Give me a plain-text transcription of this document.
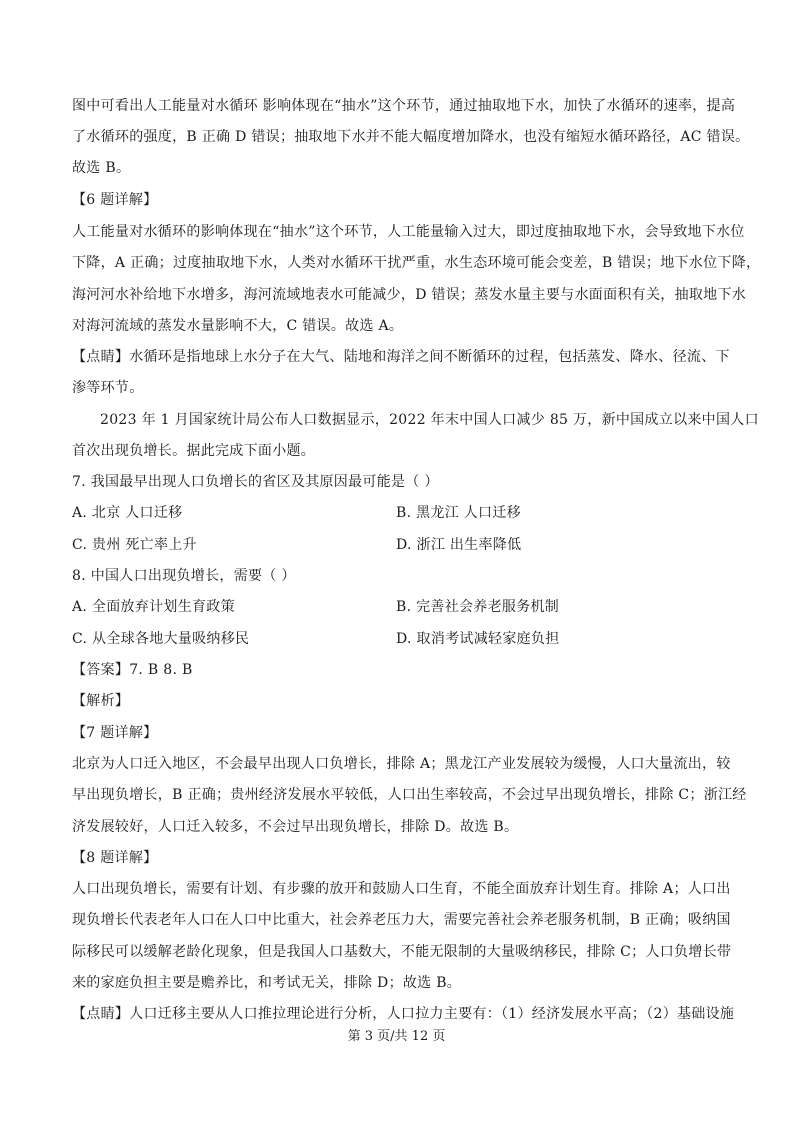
图中可看出人工能量对水循环 影响体现在“抽水”这个环节，通过抽取地下水，加快了水循环的速率，提高
了水循环的强度，B 正确 D 错误；抽取地下水并不能大幅度增加降水，也没有缩短水循环路径，AC 错误。
故选 B。
【6 题详解】
人工能量对水循环的影响体现在“抽水”这个环节，人工能量输入过大，即过度抽取地下水，会导致地下水位
下降，A 正确；过度抽取地下水，人类对水循环干扰严重，水生态环境可能会变差，B 错误；地下水位下降，
海河河水补给地下水增多，海河流域地表水可能减少，D 错误；蒸发水量主要与水面面积有关，抽取地下水
对海河流域的蒸发水量影响不大，C 错误。故选 A。
【点睛】水循环是指地球上水分子在大气、陆地和海洋之间不断循环的过程，包括蒸发、降水、径流、下
渗等环节。
2023 年 1 月国家统计局公布人口数据显示，2022 年末中国人口减少 85 万，新中国成立以来中国人口
首次出现负增长。据此完成下面小题。
7. 我国最早出现人口负增长的省区及其原因最可能是（ ）
A. 北京 人口迁移	B. 黑龙江 人口迁移
C. 贵州 死亡率上升	D. 浙江 出生率降低
8. 中国人口出现负增长，需要（ ）
A. 全面放弃计划生育政策	B. 完善社会养老服务机制
C. 从全球各地大量吸纳移民	D. 取消考试减轻家庭负担
【答案】7. B 8. B
【解析】
【7 题详解】
北京为人口迁入地区，不会最早出现人口负增长，排除 A；黑龙江产业发展较为缓慢，人口大量流出，较
早出现负增长，B 正确；贵州经济发展水平较低，人口出生率较高，不会过早出现负增长，排除 C；浙江经
济发展较好，人口迁入较多，不会过早出现负增长，排除 D。故选 B。
【8 题详解】
人口出现负增长，需要有计划、有步骤的放开和鼓励人口生育，不能全面放弃计划生育。排除 A；人口出
现负增长代表老年人口在人口中比重大，社会养老压力大，需要完善社会养老服务机制，B 正确；吸纳国
际移民可以缓解老龄化现象，但是我国人口基数大，不能无限制的大量吸纳移民，排除 C；人口负增长带
来的家庭负担主要是赡养比，和考试无关，排除 D；故选 B。
【点睛】人口迁移主要从人口推拉理论进行分析，人口拉力主要有：（1）经济发展水平高；（2）基础设施
第 3 页/共 12 页
